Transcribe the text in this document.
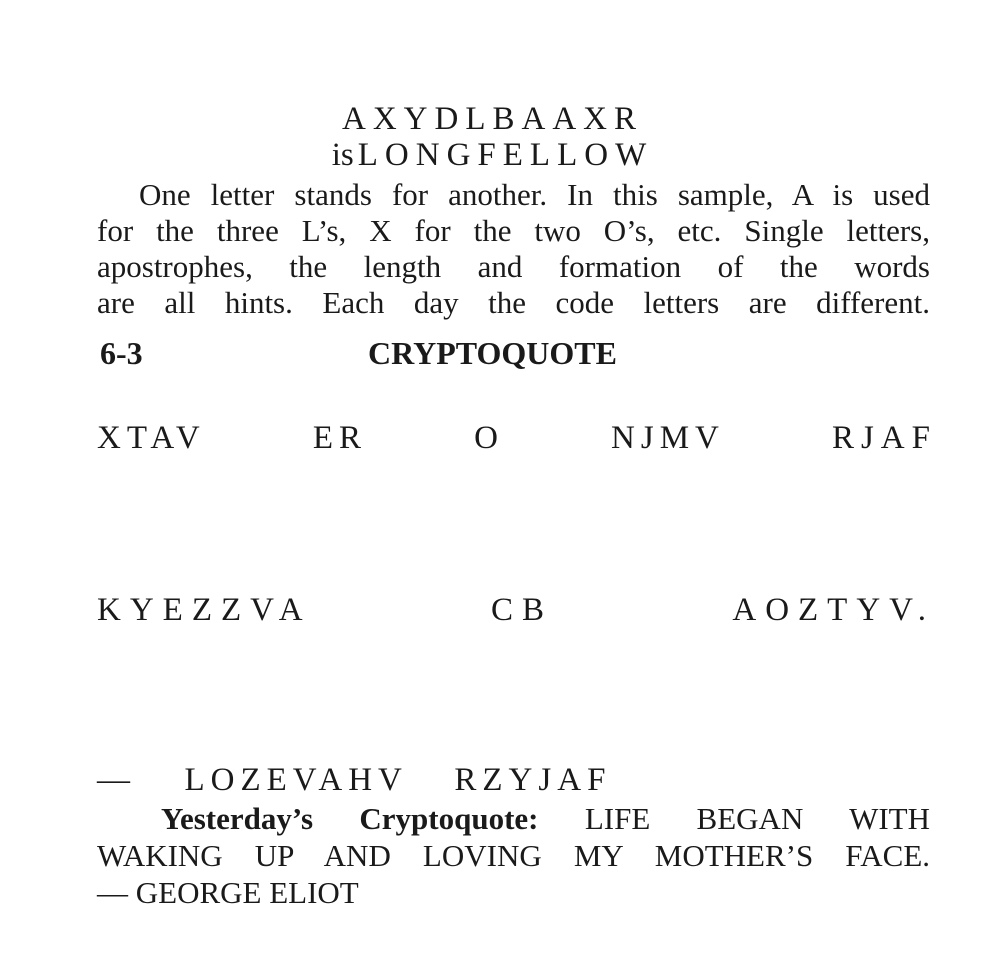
AXYDLBAAXR
is LONGFELLOW

One letter stands for another. In this sample, A is used

for the three L’s, X for the two O’s, etc. Single letters,

apostrophes, the length and formation of the words

are all hints. Each day the code letters are different.

6-3	CRYPTOQUOTE
XTAV	ER	O	NJMV	RJAF
KYEZZVA	CB	AOZTYV.
— LOZEVAHV RZYJAF

Yesterday’s Cryptoquote: LIFE BEGAN WITH

WAKING UP AND LOVING MY MOTHER’S FACE.

— GEORGE ELIOT
